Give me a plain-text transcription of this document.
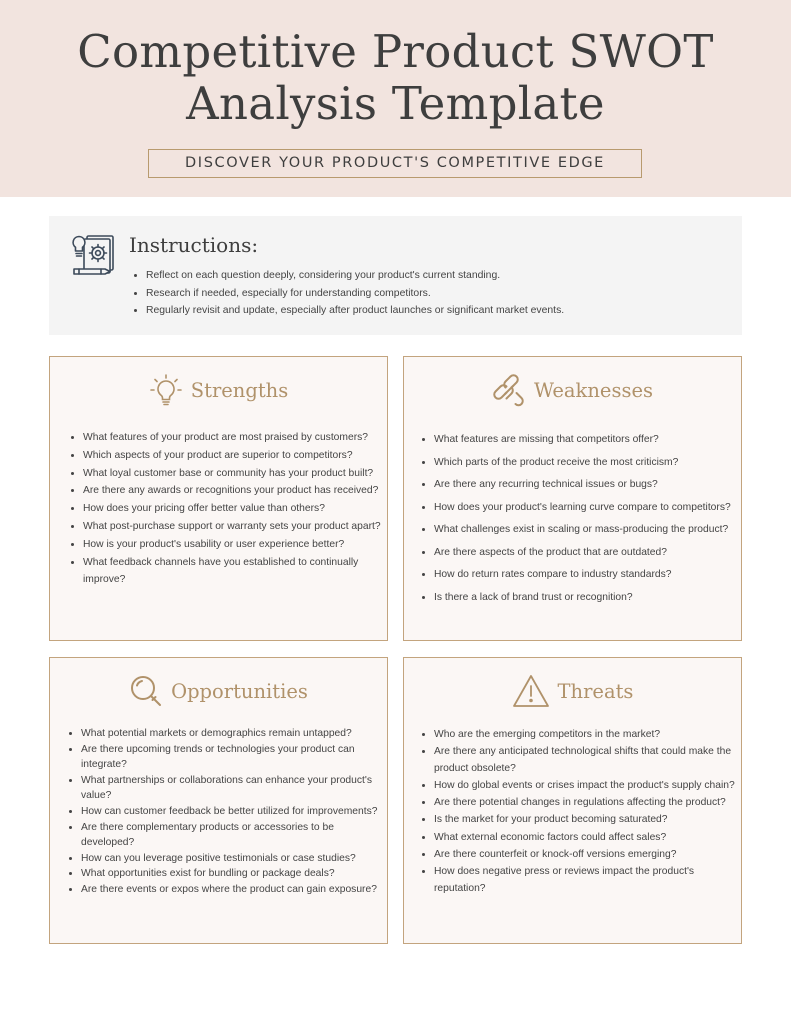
Competitive Product SWOT
Analysis Template
DISCOVER YOUR PRODUCT'S COMPETITIVE EDGE
Instructions:
• Reflect on each question deeply, considering your product's current standing.
• Research if needed, especially for understanding competitors.
• Regularly revisit and update, especially after product launches or significant market events.
Strengths
• What features of your product are most praised by customers?
• Which aspects of your product are superior to competitors?
• What loyal customer base or community has your product built?
• Are there any awards or recognitions your product has received?
• How does your pricing offer better value than others?
• What post-purchase support or warranty sets your product apart?
• How is your product's usability or user experience better?
• What feedback channels have you established to continually improve?
Weaknesses
• What features are missing that competitors offer?
• Which parts of the product receive the most criticism?
• Are there any recurring technical issues or bugs?
• How does your product's learning curve compare to competitors?
• What challenges exist in scaling or mass-producing the product?
• Are there aspects of the product that are outdated?
• How do return rates compare to industry standards?
• Is there a lack of brand trust or recognition?
Opportunities
• What potential markets or demographics remain untapped?
• Are there upcoming trends or technologies your product can integrate?
• What partnerships or collaborations can enhance your product's value?
• How can customer feedback be better utilized for improvements?
• Are there complementary products or accessories to be developed?
• How can you leverage positive testimonials or case studies?
• What opportunities exist for bundling or package deals?
• Are there events or expos where the product can gain exposure?
Threats
• Who are the emerging competitors in the market?
• Are there any anticipated technological shifts that could make the product obsolete?
• How do global events or crises impact the product's supply chain?
• Are there potential changes in regulations affecting the product?
• Is the market for your product becoming saturated?
• What external economic factors could affect sales?
• Are there counterfeit or knock-off versions emerging?
• How does negative press or reviews impact the product's reputation?
